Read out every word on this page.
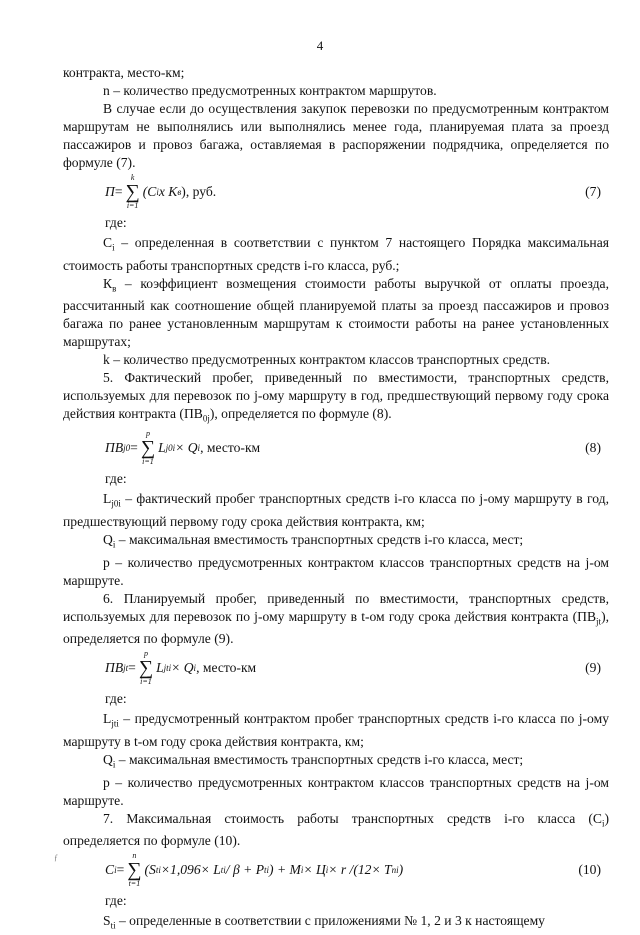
4
ƒ

контракта, место-км;

n – количество предусмотренных контрактом маршрутов.

В случае если до осуществления закупок перевозки по предусмотренным контрактом маршрутам не выполнялись или выполнялись менее года, планируемая плата за проезд пассажиров и провоз багажа, оставляемая в распоряжении подрядчика, определяется по формуле (7).

П =
k
∑
i=1
(C i x K в ), руб.	(7)

где:

$C_i$ – определенная в соответствии с пунктом 7 настоящего Порядка максимальная стоимость работы транспортных средств i-го класса, руб.;

$К_в$ – коэффициент возмещения стоимости работы выручкой от оплаты проезда, рассчитанный как соотношение общей планируемой платы за проезд пассажиров и провоз багажа по ранее установленным маршрутам к стоимости работы на ранее установленных маршрутах;

k – количество предусмотренных контрактом классов транспортных средств.

5. Фактический пробег, приведенный по вместимости, транспортных средств, используемых для перевозок по j-ому маршруту в год, предшествующий первому году срока действия контракта $(ПВ_{0j})$, определяется по формуле (8).

ПВ j0 =
p
∑
i=1
L j0i × Q i , место-км	(8)

где:

$L_{j0i}$ – фактический пробег транспортных средств i-го класса по j-ому маршруту в год, предшествующий первому году срока действия контракта, км;

$Q_i$ – максимальная вместимость транспортных средств i-го класса, мест;

р – количество предусмотренных контрактом классов транспортных средств на j-ом маршруте.

6. Планируемый пробег, приведенный по вместимости, транспортных средств, используемых для перевозок по j-ому маршруту в t-ом году срока действия контракта $(ПВ_{jt})$, определяется по формуле (9).

ПВ jt =
p
∑
i=1
L jti × Q i , место-км	(9)

где:

$L_{jti}$ – предусмотренный контрактом пробег транспортных средств i-го класса по j-ому маршруту в t-ом году срока действия контракта, км;

$Q_i$ – максимальная вместимость транспортных средств i-го класса, мест;

р – количество предусмотренных контрактом классов транспортных средств на j-ом маршруте.

7. Максимальная стоимость работы транспортных средств i-го класса $(C_i)$ определяется по формуле (10).

C i =
n
∑
t=1
(S ti ×1,096× L ti / β + P ti ) + M i × Ц i × r /(12× T ni )	(10)

где:

$S_{ti}$ – определенные в соответствии с приложениями № 1, 2 и 3 к настоящему
